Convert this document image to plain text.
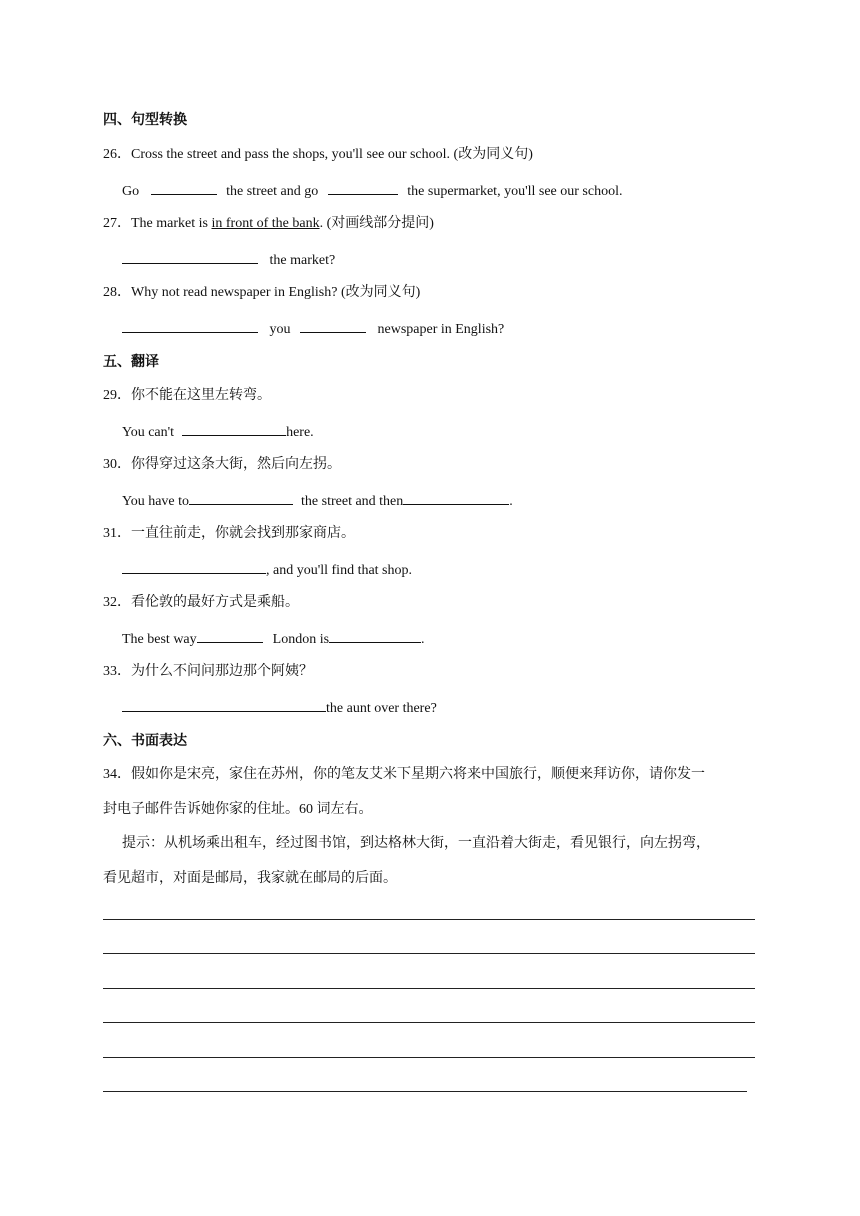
四、句型转换
26．Cross the street and pass the shops, you'll see our school. (改为同义句)
Go	the street and go	the supermarket, you'll see our school.
27．The market is in front of the bank. (对画线部分提问)
the market?
28．Why not read newspaper in English? (改为同义句)
you	newspaper in English?
五、翻译
29．你不能在这里左转弯。
You can't	here.
30．你得穿过这条大街，然后向左拐。
You have to	the street and then	.
31．一直往前走，你就会找到那家商店。
, and you'll find that shop.
32．看伦敦的最好方式是乘船。
The best way	London is	.
33．为什么不问问那边那个阿姨？
the aunt over there?
六、书面表达
34．假如你是宋亮，家住在苏州，你的笔友艾米下星期六将来中国旅行，顺便来拜访你，请你发一
封电子邮件告诉她你家的住址。60 词左右。
提示：从机场乘出租车，经过图书馆，到达格林大街，一直沿着大街走，看见银行，向左拐弯，
看见超市，对面是邮局，我家就在邮局的后面。
